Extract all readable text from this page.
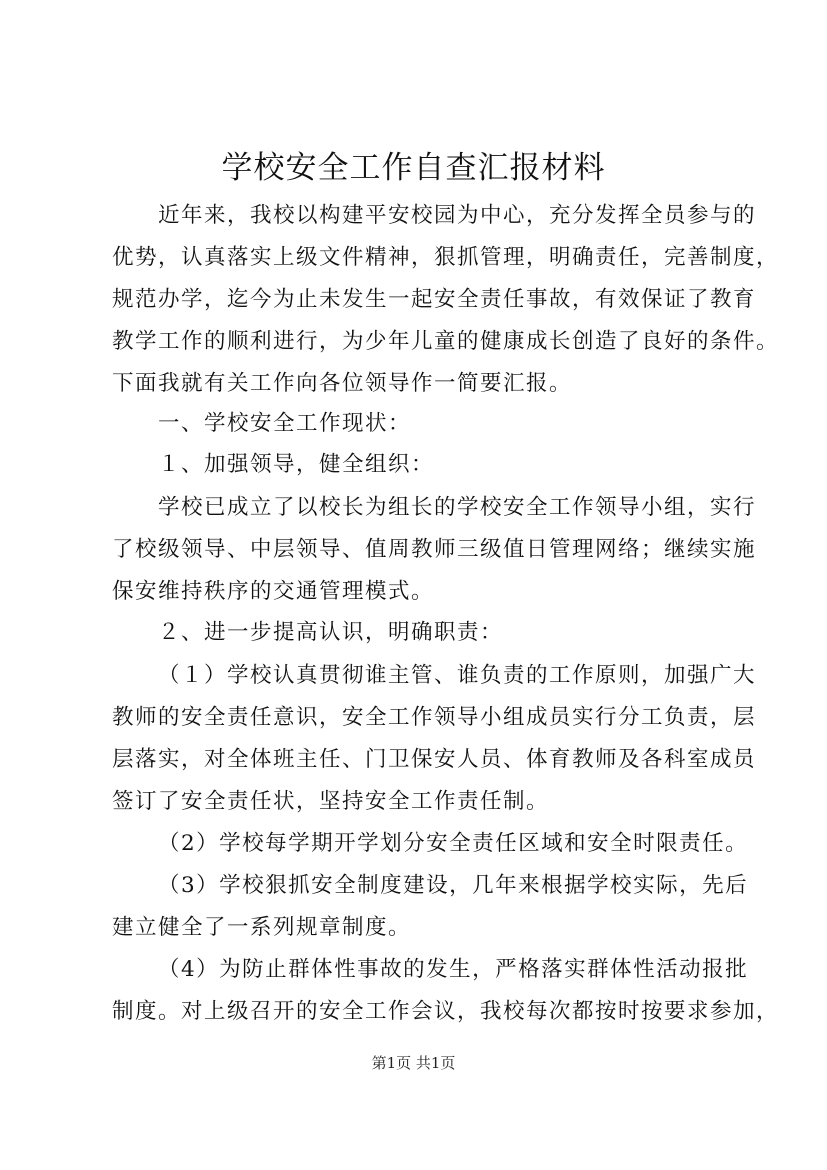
学校安全工作自查汇报材料
近年来，我校以构建平安校园为中心，充分发挥全员参与的
优势，认真落实上级文件精神，狠抓管理，明确责任，完善制度，
规范办学，迄今为止未发生一起安全责任事故，有效保证了教育
教学工作的顺利进行，为少年儿童的健康成长创造了良好的条件。
下面我就有关工作向各位领导作一简要汇报。
一、学校安全工作现状：
１、加强领导，健全组织：
学校已成立了以校长为组长的学校安全工作领导小组，实行
了校级领导、中层领导、值周教师三级值日管理网络；继续实施
保安维持秩序的交通管理模式。
２、进一步提高认识，明确职责：
（１）学校认真贯彻谁主管、谁负责的工作原则，加强广大
教师的安全责任意识，安全工作领导小组成员实行分工负责，层
层落实，对全体班主任、门卫保安人员、体育教师及各科室成员
签订了安全责任状，坚持安全工作责任制。
（2）学校每学期开学划分安全责任区域和安全时限责任。
（3）学校狠抓安全制度建设，几年来根据学校实际，先后
建立健全了一系列规章制度。
（4）为防止群体性事故的发生，严格落实群体性活动报批
制度。对上级召开的安全工作会议，我校每次都按时按要求参加，
第1页 共1页
